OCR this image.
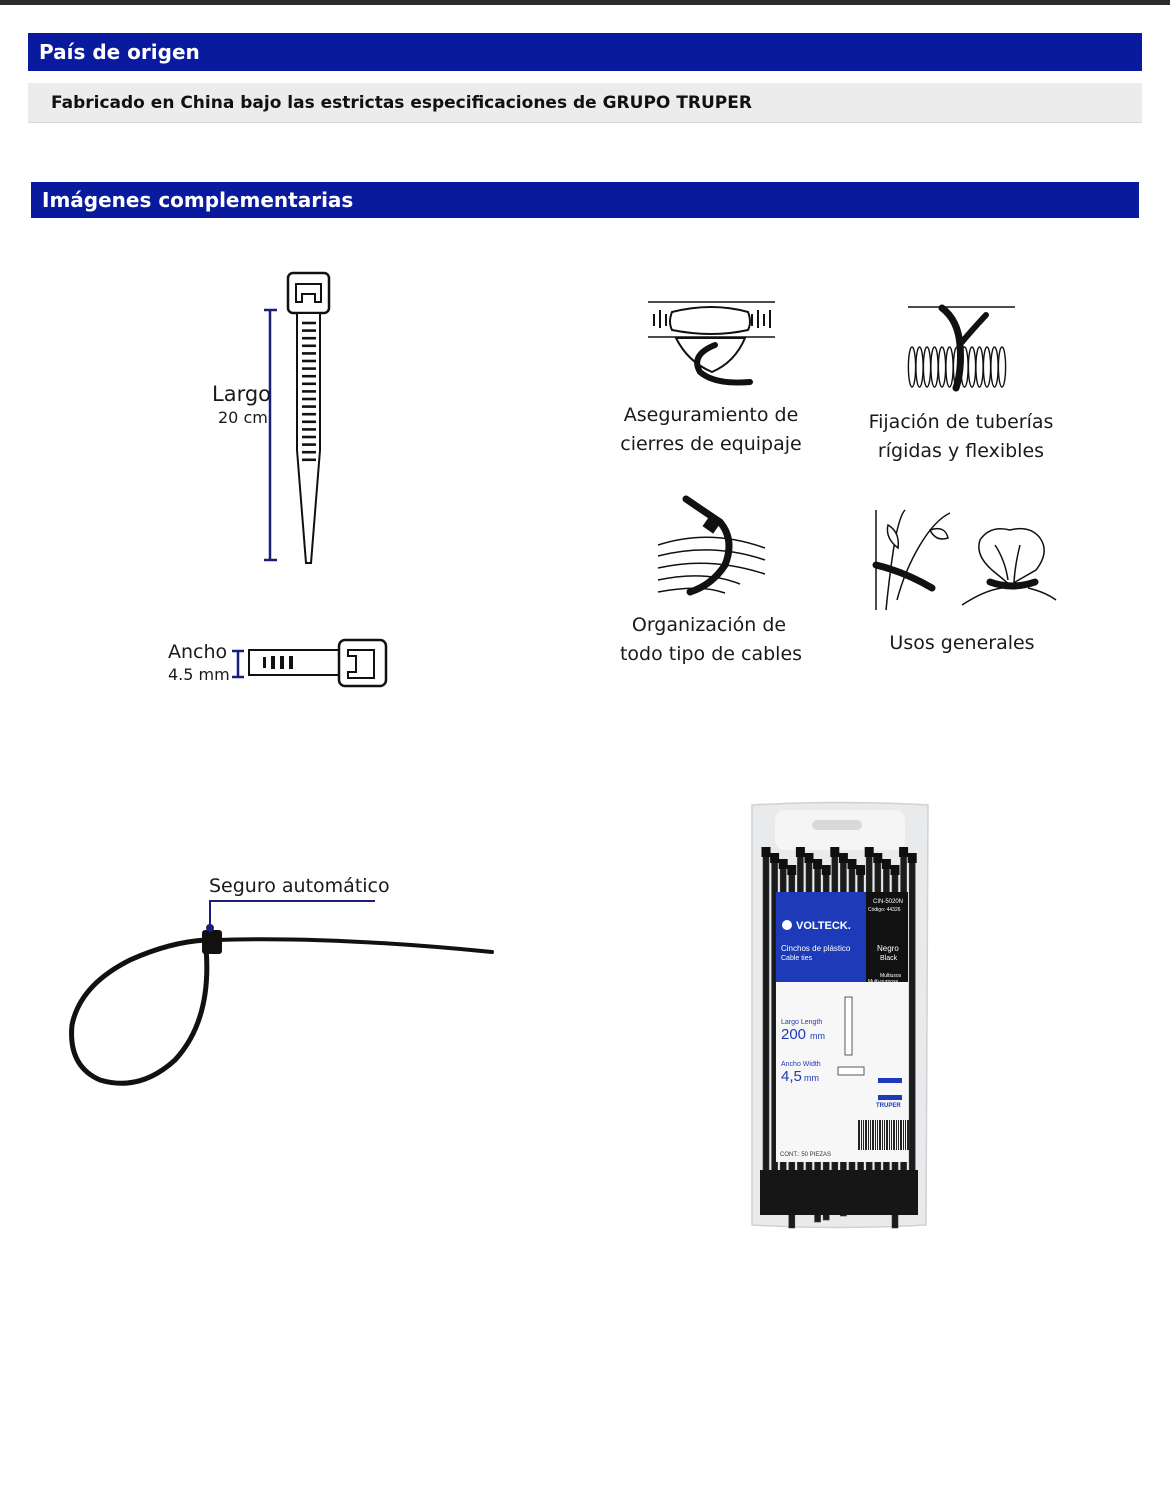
País de origen
Fabricado en China bajo las estrictas especificaciones de GRUPO TRUPER
Imágenes complementarias
Largo
20 cm
Ancho
4.5 mm
Aseguramiento de
cierres de equipaje
Fijación de tuberías
rígidas y flexibles
Organización de
todo tipo de cables	Usos generales
Seguro automático
CIN-5020N
Código: 44326
VOLTECK.
Cinchos de plástico
Cable ties
Negro
Black
Multiusos
Multi-purpose
Largo Length
200 mm
Ancho Width
4,5 mm
TRUPER
CONT.: 50 PIEZAS
